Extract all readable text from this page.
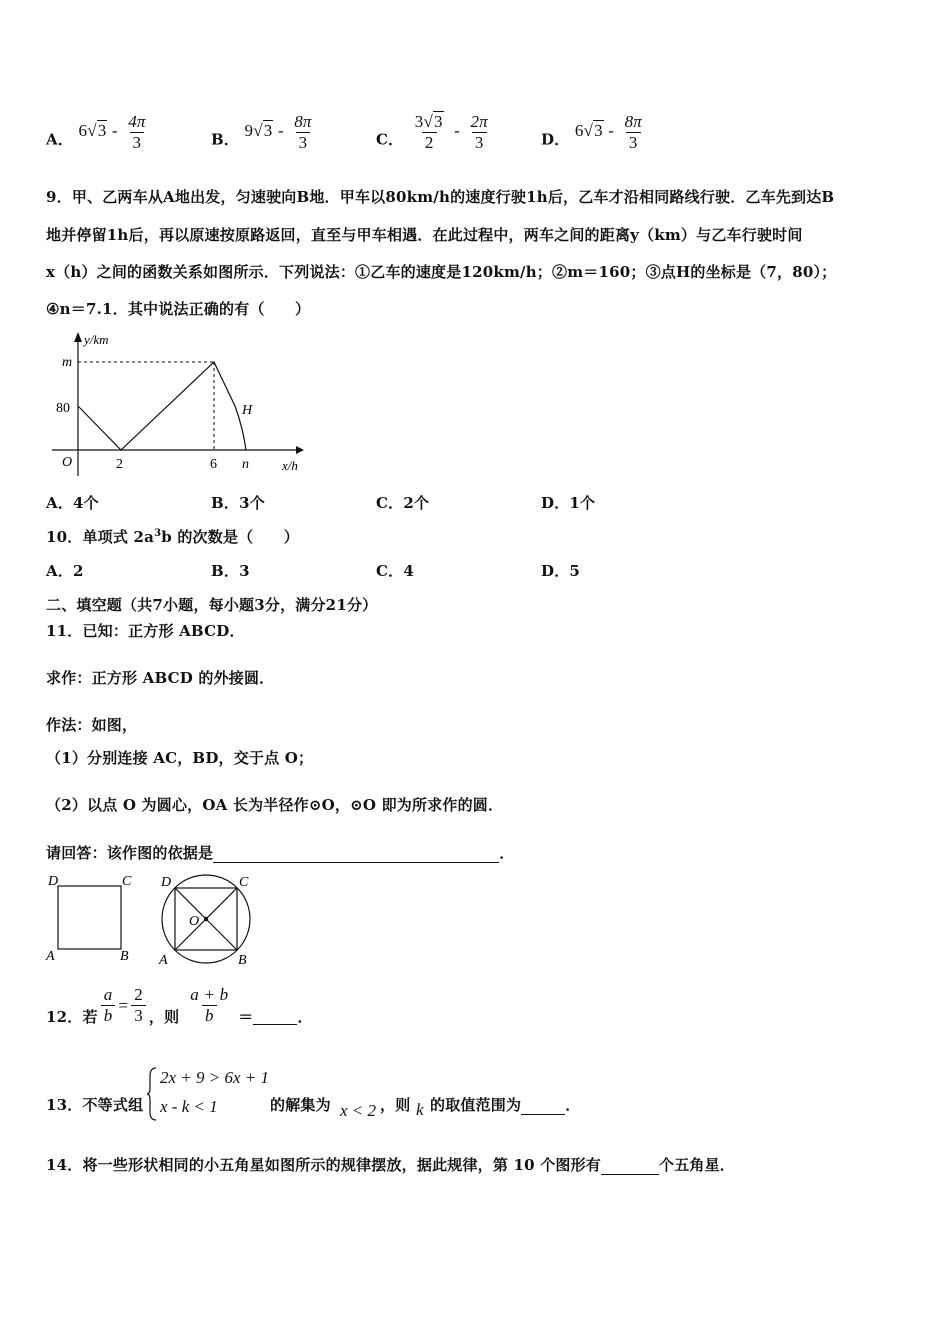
A． $6√3 - \frac{4\pi}{3}$	B． $9√3 - \frac{8\pi}{3}$	C． $\frac{3√3}{2} - \frac{2\pi}{3}$	D． $6√3 - \frac{8\pi}{3}$
9．甲、乙两车从A地出发，匀速驶向B地．甲车以80km/h的速度行驶1h后，乙车才沿相同路线行驶．乙车先到达B
地并停留1h后，再以原速按原路返回，直至与甲车相遇．在此过程中，两车之间的距离y（km）与乙车行驶时间
x（h）之间的函数关系如图所示．下列说法：①乙车的速度是120km/h；②m＝160；③点H的坐标是（7，80）；
④n＝7.1．其中说法正确的有（　　）
y/km
m
80
O	2	6 n
H
x/h
A．4个	B．3个	C．2个	D．1个
10．单项式 $2a^3b$ 的次数是（　　）
A．2	B．3	C．4	D．5
二、填空题（共7小题，每小题3分，满分21分）
11．已知：正方形 ABCD．
求作：正方形 ABCD 的外接圆．
作法：如图，
（1）分别连接 AC，BD，交于点 O；
（2）以点 O 为圆心，OA 长为半径作⊙O，⊙O 即为所求作的圆．
请回答：该作图的依据是	．
D	C
A	B
D	C
A	B
O
12．若 $\frac{a}{b} = \frac{2}{3}$ ，则 $\frac{a + b}{b}$ ＝	．
13．不等式组
2x + 9 > 6x + 1
x - k < 1	的解集为 x < 2 ，则 k 的取值范围为	．
14．将一些形状相同的小五角星如图所示的规律摆放，据此规律，第 10 个图形有	个五角星．
